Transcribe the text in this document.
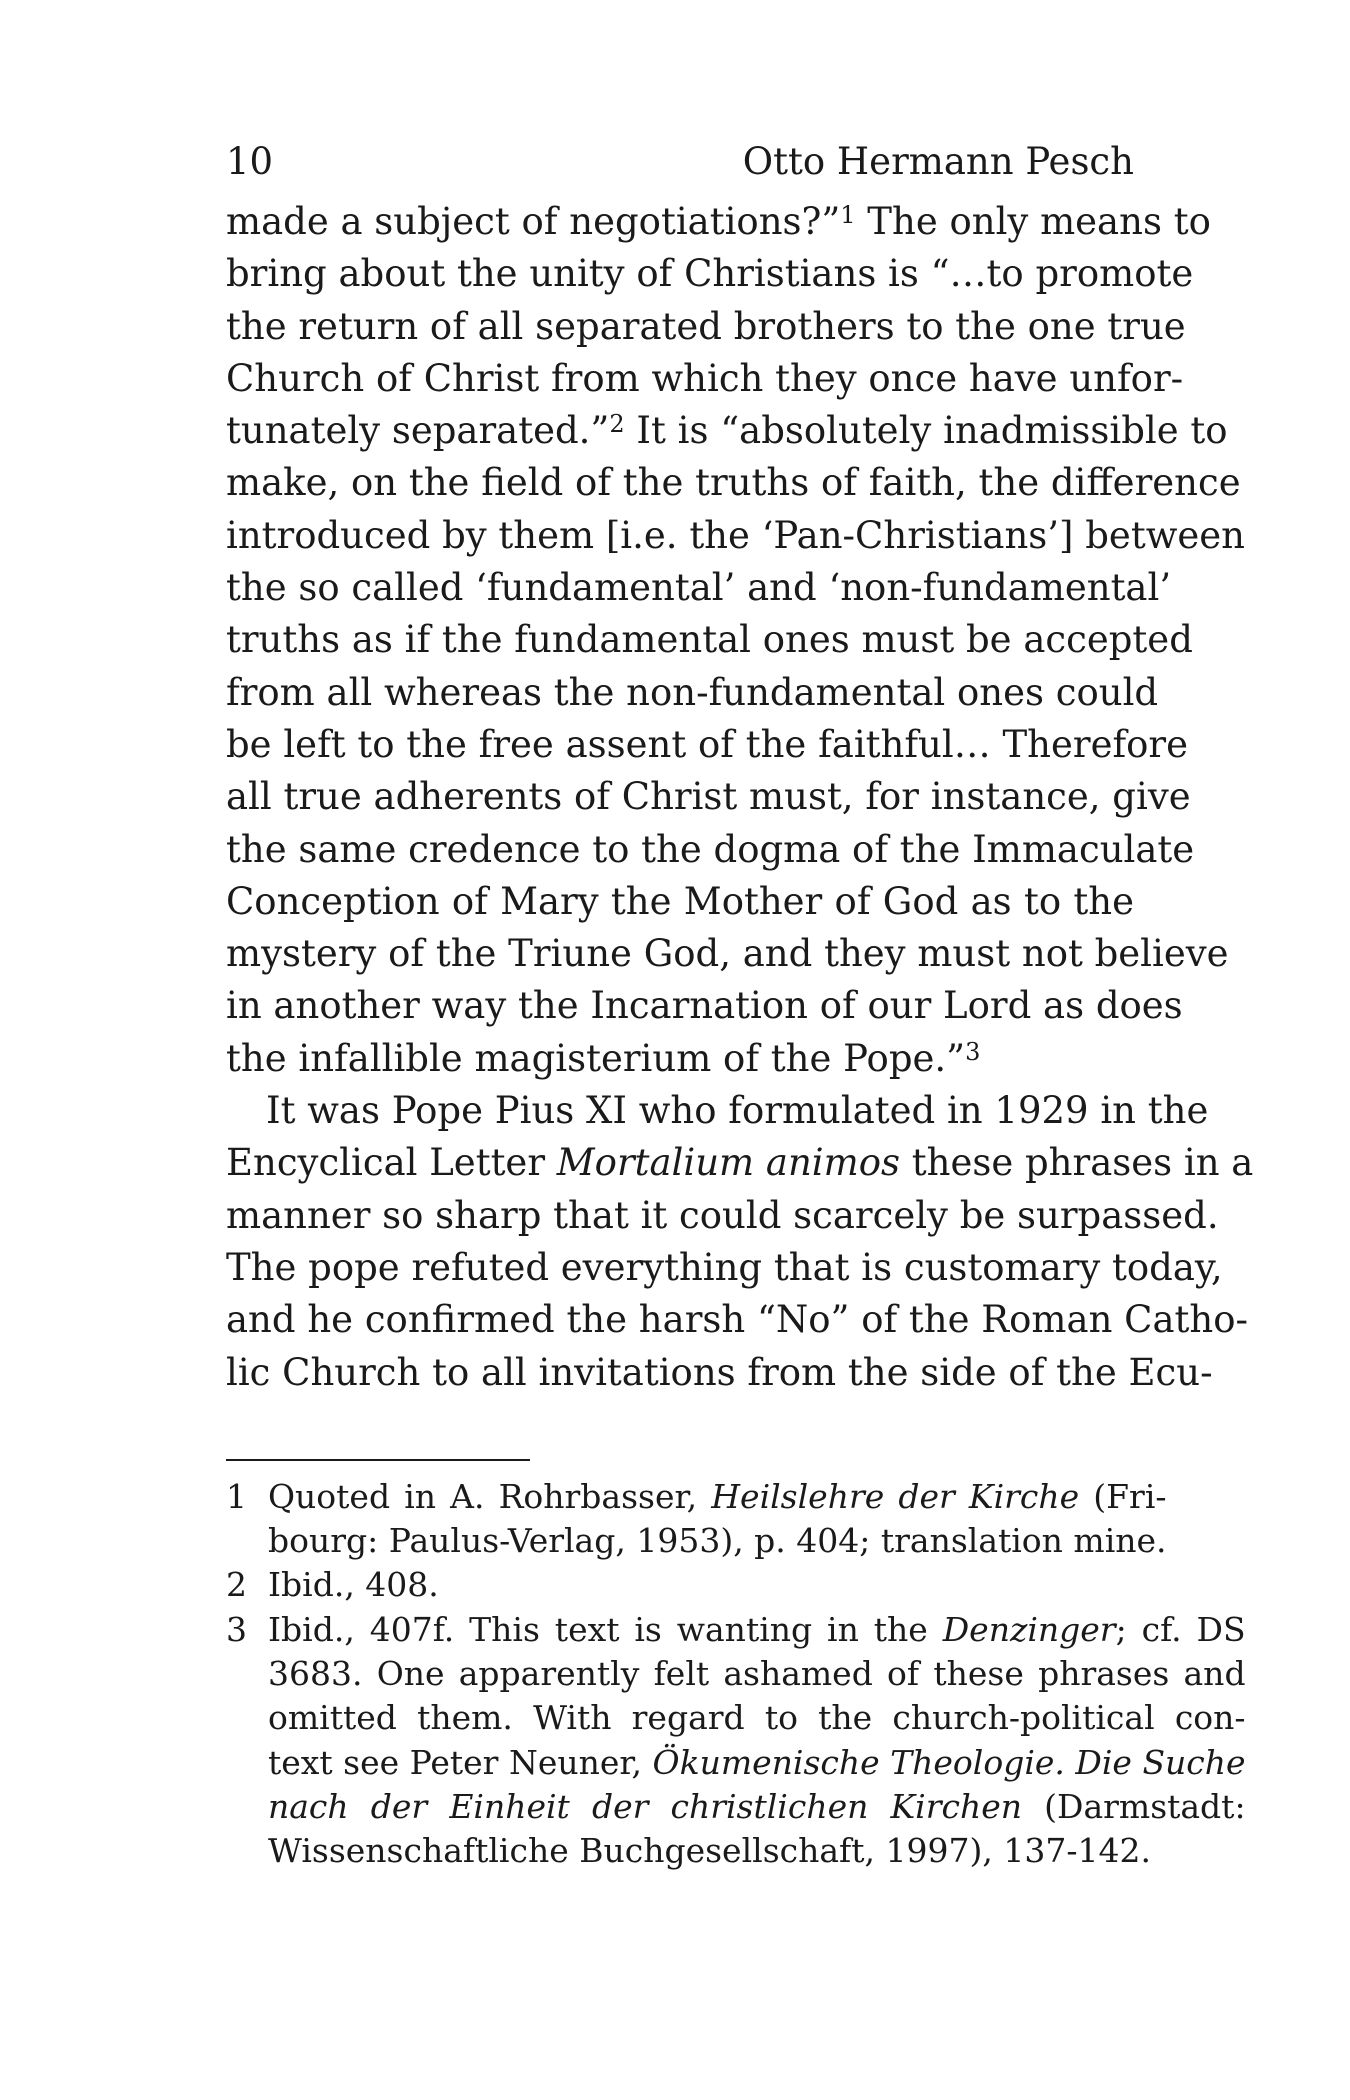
10	Otto Hermann Pesch
made a subject of negotiations?”$^1$ The only means to
bring about the unity of Christians is “…to promote
the return of all separated brothers to the one true
Church of Christ from which they once have unfor-
tunately separated.”$^2$ It is “absolutely inadmissible to
make, on the field of the truths of faith, the difference
introduced by them [i.e. the ‘Pan-Christians’] between
the so called ‘fundamental’ and ‘non-fundamental’
truths as if the fundamental ones must be accepted
from all whereas the non-fundamental ones could
be left to the free assent of the faithful… Therefore
all true adherents of Christ must, for instance, give
the same credence to the dogma of the Immaculate
Conception of Mary the Mother of God as to the
mystery of the Triune God, and they must not believe
in another way the Incarnation of our Lord as does
the infallible magisterium of the Pope.”$^3$
It was Pope Pius XI who formulated in 1929 in the
Encyclical Letter Mortalium animos these phrases in a
manner so sharp that it could scarcely be surpassed.
The pope refuted everything that is customary today,
and he confirmed the harsh “No” of the Roman Catho-
lic Church to all invitations from the side of the Ecu-
1 Quoted in A. Rohrbasser, Heilslehre der Kirche (Fri-
bourg: Paulus-Verlag, 1953), p. 404; translation mine.
2 Ibid., 408.
3 Ibid., 407f. This text is wanting in the Denzinger; cf. DS
3683. One apparently felt ashamed of these phrases and
omitted them. With regard to the church-political con-
text see Peter Neuner, Ökumenische Theologie. Die Suche
nach der Einheit der christlichen Kirchen (Darmstadt:
Wissenschaftliche Buchgesellschaft, 1997), 137-142.
